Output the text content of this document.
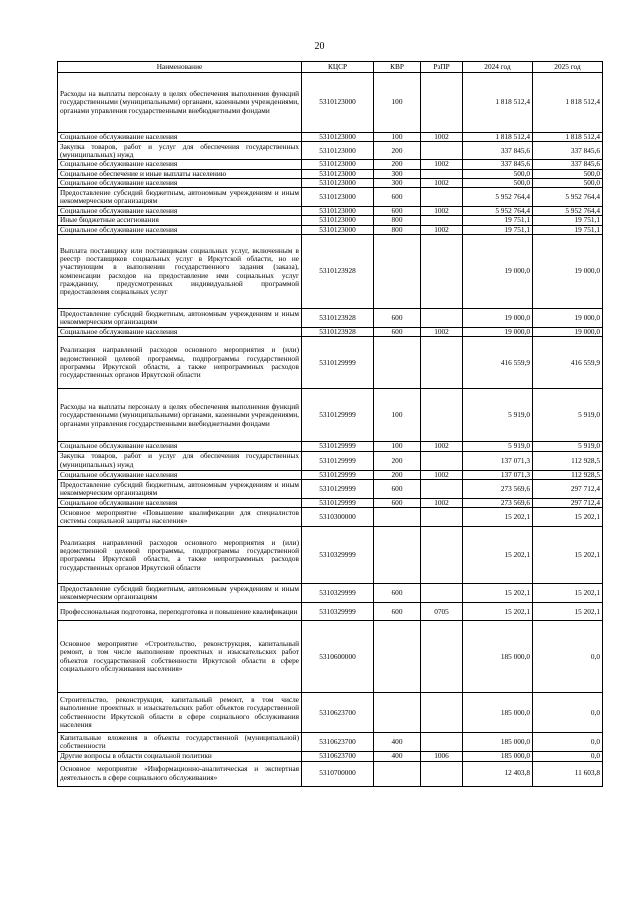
20
Наименование	КЦСР	КВР	РзПР	2024 год	2025 год
Расходы на выплаты персоналу в целях обеспечения выполнения функций государственными (муниципальными) органами, казенными учреждениями, органами управления государственными внебюджетными фондами	5310123000	100		1 818 512,4	1 818 512,4
Социальное обслуживание населения	5310123000	100	1002	1 818 512,4	1 818 512,4
Закупка товаров, работ и услуг для обеспечения государственных (муниципальных) нужд	5310123000	200		337 845,6	337 845,6
Социальное обслуживание населения	5310123000	200	1002	337 845,6	337 845,6
Социальное обеспечение и иные выплаты населению	5310123000	300		500,0	500,0
Социальное обслуживание населения	5310123000	300	1002	500,0	500,0
Предоставление субсидий бюджетным, автономным учреждениям и иным некоммерческим организациям	5310123000	600		5 952 764,4	5 952 764,4
Социальное обслуживание населения	5310123000	600	1002	5 952 764,4	5 952 764,4
Иные бюджетные ассигнования	5310123000	800		19 751,1	19 751,1
Социальное обслуживание населения	5310123000	800	1002	19 751,1	19 751,1
Выплата поставщику или поставщикам социальных услуг, включенным в реестр поставщиков социальных услуг в Иркутской области, но не участвующим в выполнении государственного задания (заказа), компенсации расходов на предоставление ими социальных услуг гражданину, предусмотренных индивидуальной программой предоставления социальных услуг	5310123928			19 000,0	19 000,0
Предоставление субсидий бюджетным, автономным учреждениям и иным некоммерческим организациям	5310123928	600		19 000,0	19 000,0
Социальное обслуживание населения	5310123928	600	1002	19 000,0	19 000,0
Реализация направлений расходов основного мероприятия и (или) ведомственной целевой программы, подпрограммы государственной программы Иркутской области, а также непрограммных расходов государственных органов Иркутской области	5310129999			416 559,9	416 559,9
Расходы на выплаты персоналу в целях обеспечения выполнения функций государственными (муниципальными) органами, казенными учреждениями, органами управления государственными внебюджетными фондами	5310129999	100		5 919,0	5 919,0
Социальное обслуживание населения	5310129999	100	1002	5 919,0	5 919,0
Закупка товаров, работ и услуг для обеспечения государственных (муниципальных) нужд	5310129999	200		137 071,3	112 928,5
Социальное обслуживание населения	5310129999	200	1002	137 071,3	112 928,5
Предоставление субсидий бюджетным, автономным учреждениям и иным некоммерческим организациям	5310129999	600		273 569,6	297 712,4
Социальное обслуживание населения	5310129999	600	1002	273 569,6	297 712,4
Основное мероприятие «Повышение квалификации для специалистов системы социальной защиты населения»	5310300000			15 202,1	15 202,1
Реализация направлений расходов основного мероприятия и (или) ведомственной целевой программы, подпрограммы государственной программы Иркутской области, а также непрограммных расходов государственных органов Иркутской области	5310329999			15 202,1	15 202,1
Предоставление субсидий бюджетным, автономным учреждениям и иным некоммерческим организациям	5310329999	600		15 202,1	15 202,1
Профессиональная подготовка, переподготовка и повышение квалификации	5310329999	600	0705	15 202,1	15 202,1
Основное мероприятие «Строительство, реконструкция, капитальный ремонт, в том числе выполнение проектных и изыскательских работ объектов государственной собственности Иркутской области в сфере социального обслуживания населения»	5310600000			185 000,0	0,0
Строительство, реконструкция, капитальный ремонт, в том числе выполнение проектных и изыскательских работ объектов государственной собственности Иркутской области в сфере социального обслуживания населения	5310623700			185 000,0	0,0
Капитальные вложения в объекты государственной (муниципальной) собственности	5310623700	400		185 000,0	0,0
Другие вопросы в области социальной политики	5310623700	400	1006	185 000,0	0,0
Основное мероприятие «Информационно-аналитическая и экспертная деятельность в сфере социального обслуживания»	5310700000			12 403,8	11 603,8
